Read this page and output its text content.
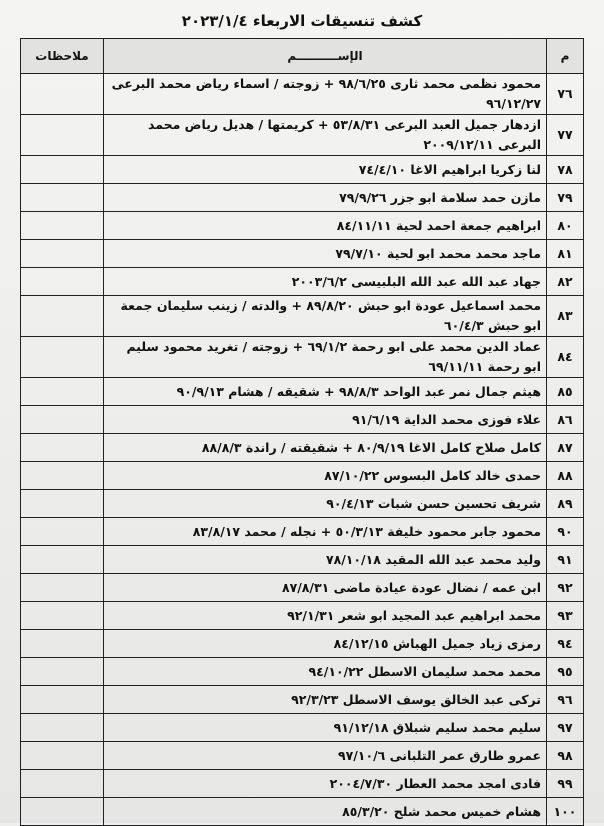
كشف تنسيقات الاربعاء ٢٠٢٣/١/٤
م	الإســــــــــم	ملاحظات
٧٦	محمود نظمى محمد ثارى ٩٨/٦/٢٥ + زوجته / اسماء رياض محمد البرعى ٩٦/١٢/٢٧	
٧٧	ازدهار جميل العبد البرعى ٥٣/٨/٣١ + كريمتها / هديل رياض محمد البرعى ٢٠٠٩/١٢/١١	
٧٨	لنا زكريا ابراهيم الاغا ٧٤/٤/١٠	
٧٩	مازن حمد سلامة ابو جزر ٧٩/٩/٢٦	
٨٠	ابراهيم جمعة احمد لحية ٨٤/١١/١١	
٨١	ماجد محمد محمد ابو لحية ٧٩/٧/١٠	
٨٢	جهاد عبد الله عبد الله البلبيسى ٢٠٠٣/٦/٢	
٨٣	محمد اسماعيل عودة ابو حبش ٨٩/٨/٢٠ + والدته / زينب سليمان جمعة ابو حبش ٦٠/٤/٣	
٨٤	عماد الدين محمد على ابو رحمة ٦٩/١/٢ + زوجته / تغريد محمود سليم ابو رحمة ٦٩/١١/١١	
٨٥	هيثم جمال نمر عبد الواحد ٩٨/٨/٣ + شقيقه / هشام ٩٠/٩/١٣	
٨٦	علاء فوزى محمد الداية ٩١/٦/١٩	
٨٧	كامل صلاح كامل الاغا ٨٠/٩/١٩ + شقيقته / راندة ٨٨/٨/٣	
٨٨	حمدى خالد كامل البسوس ٨٧/١٠/٢٢	
٨٩	شريف تحسين حسن شبات ٩٠/٤/١٣	
٩٠	محمود جابر محمود خليفة ٥٠/٣/١٣ + نجله / محمد ٨٣/٨/١٧	
٩١	وليد محمد عبد الله المقيد ٧٨/١٠/١٨	
٩٢	ابن عمه / نضال عودة عيادة ماضى ٨٧/٨/٣١	
٩٣	محمد ابراهيم عبد المجيد ابو شعر ٩٢/١/٣١	
٩٤	رمزى زياد جميل الهباش ٨٤/١٢/١٥	
٩٥	محمد محمد سليمان الاسطل ٩٤/١٠/٢٢	
٩٦	تركى عبد الخالق يوسف الاسطل ٩٢/٣/٢٣	
٩٧	سليم محمد سليم شبلاق ٩١/١٢/١٨	
٩٨	عمرو طارق عمر التلبانى ٩٧/١٠/٦	
٩٩	فادى امجد محمد العطار ٢٠٠٤/٧/٣٠	
١٠٠	هشام خميس محمد شلح ٨٥/٣/٢٠	
